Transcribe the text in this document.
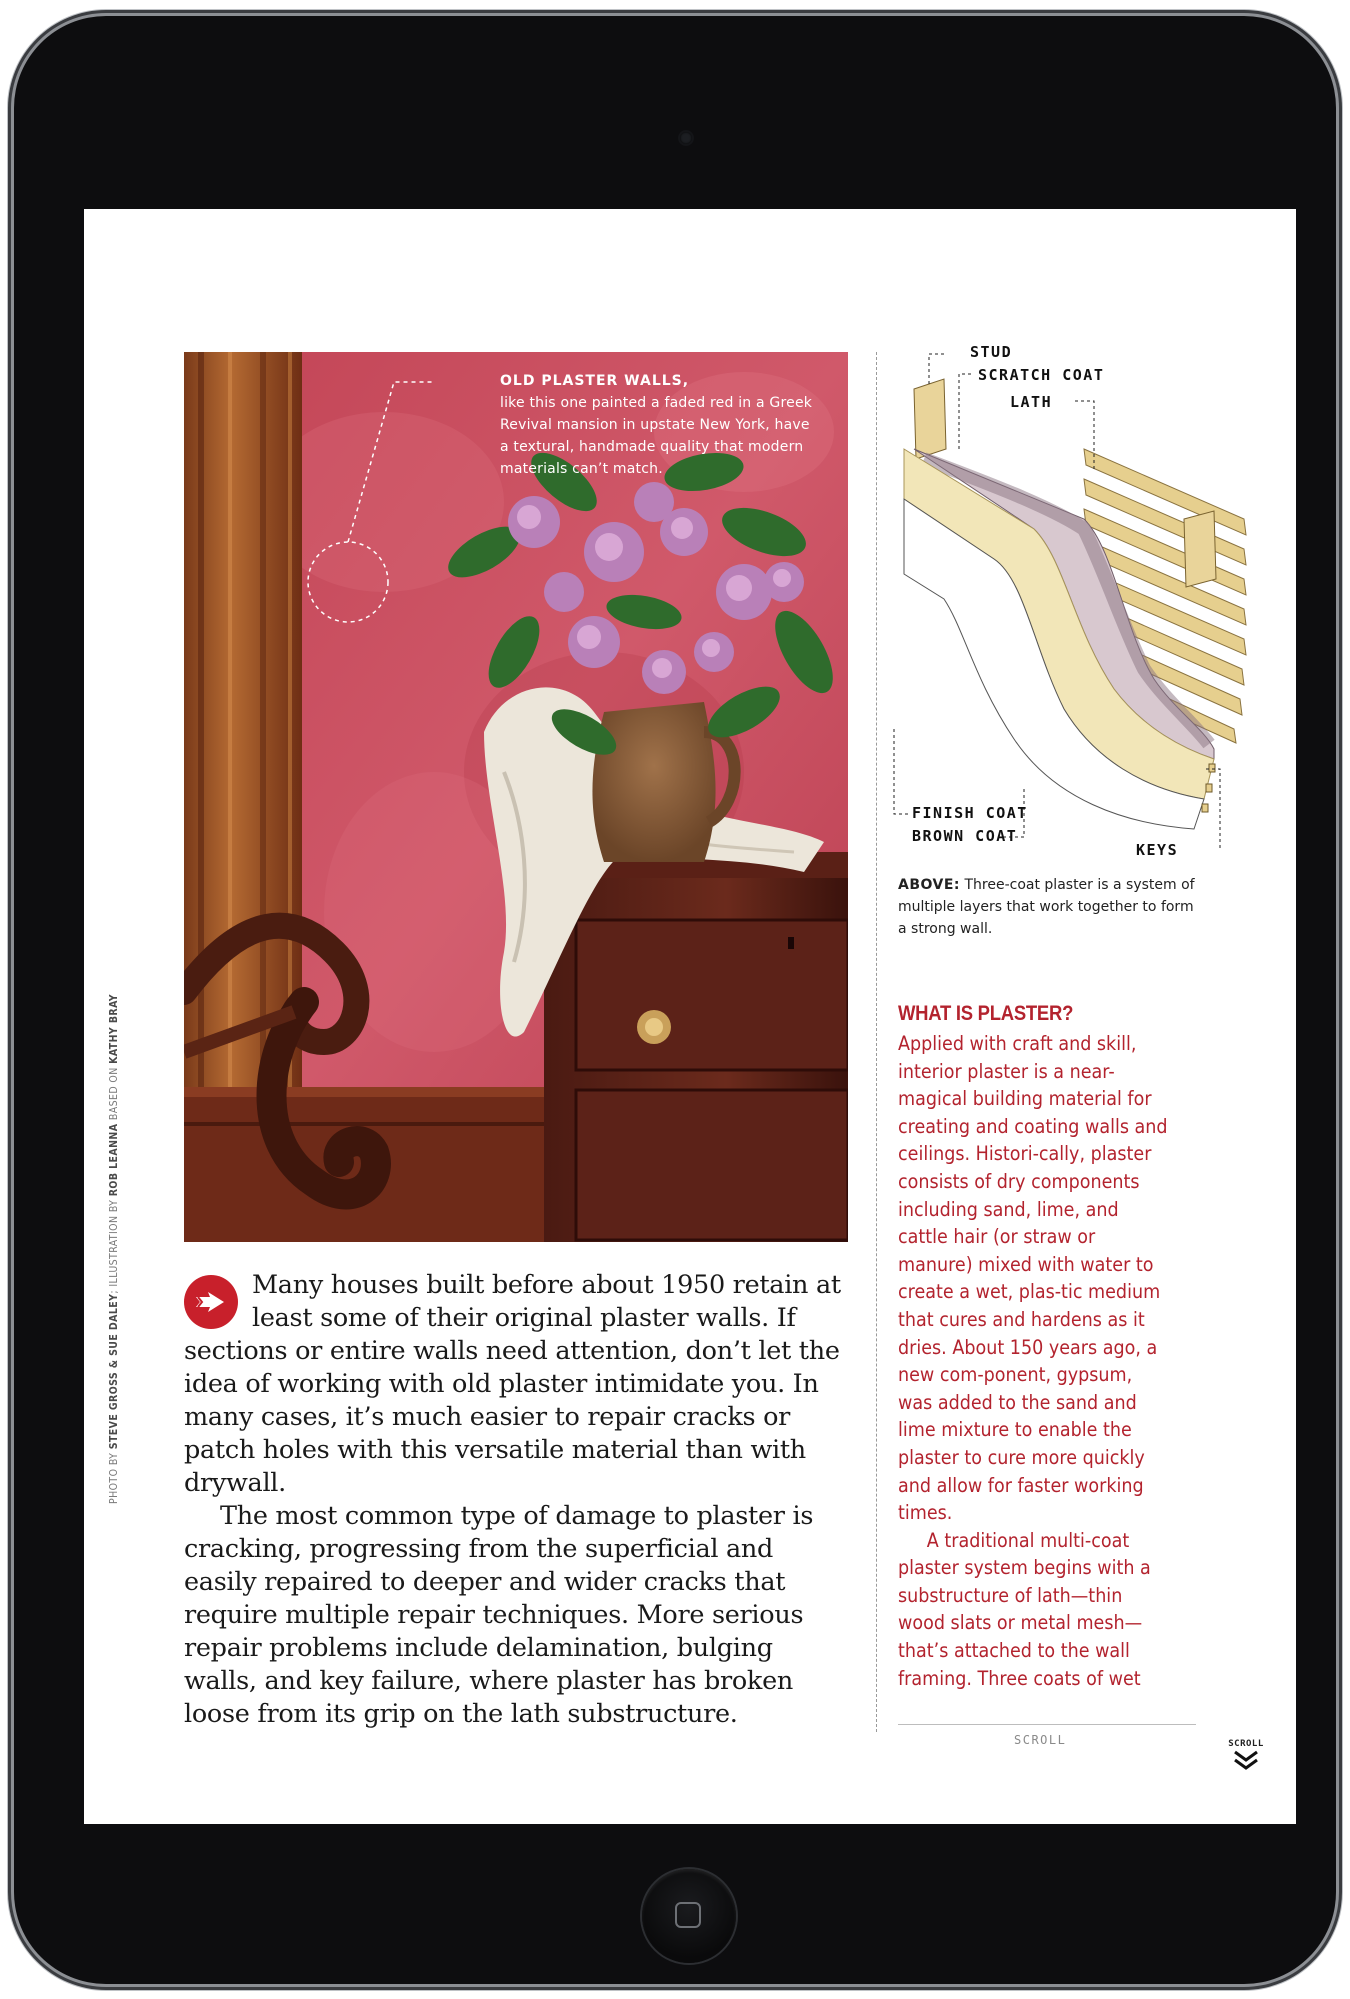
OLD PLASTER WALLS,
like this one painted a faded red in a Greek Revival mansion in upstate New York, have a textural, handmade quality that modern materials can’t match.
PHOTO BY STEVE GROSS & SUE DALEY; ILLUSTRATION BY ROB LEANNA BASED ON KATHY BRAY

Many houses built before about 1950 retain at least some of their original plaster walls. If sections or entire walls need attention, don’t let the idea of working with old plaster intimidate you. In many cases, it’s much easier to repair cracks or patch holes with this versatile material than with drywall.

The most common type of damage to plaster is cracking, progressing from the superficial and easily repaired to deeper and wider cracks that require multiple repair techniques. More serious repair problems include delamination, bulging walls, and key failure, where plaster has broken loose from its grip on the lath substructure.

STUD
SCRATCH COAT
LATH
FINISH COAT
BROWN COAT
KEYS
ABOVE: Three-coat plaster is a system of multiple layers that work together to form a strong wall.
WHAT IS PLASTER?

Applied with craft and skill, interior plaster is a near-magical building material for creating and coating walls and ceilings. Histori-cally, plaster consists of dry components including sand, lime, and cattle hair (or straw or manure) mixed with water to create a wet, plas-tic medium that cures and hardens as it dries. About 150 years ago, a new com-ponent, gypsum, was added to the sand and lime mixture to enable the plaster to cure more quickly and allow for faster working times.

A traditional multi-coat plaster system begins with a substructure of lath—thin wood slats or metal mesh—that’s attached to the wall framing. Three coats of wet

SCROLL	SCROLL
